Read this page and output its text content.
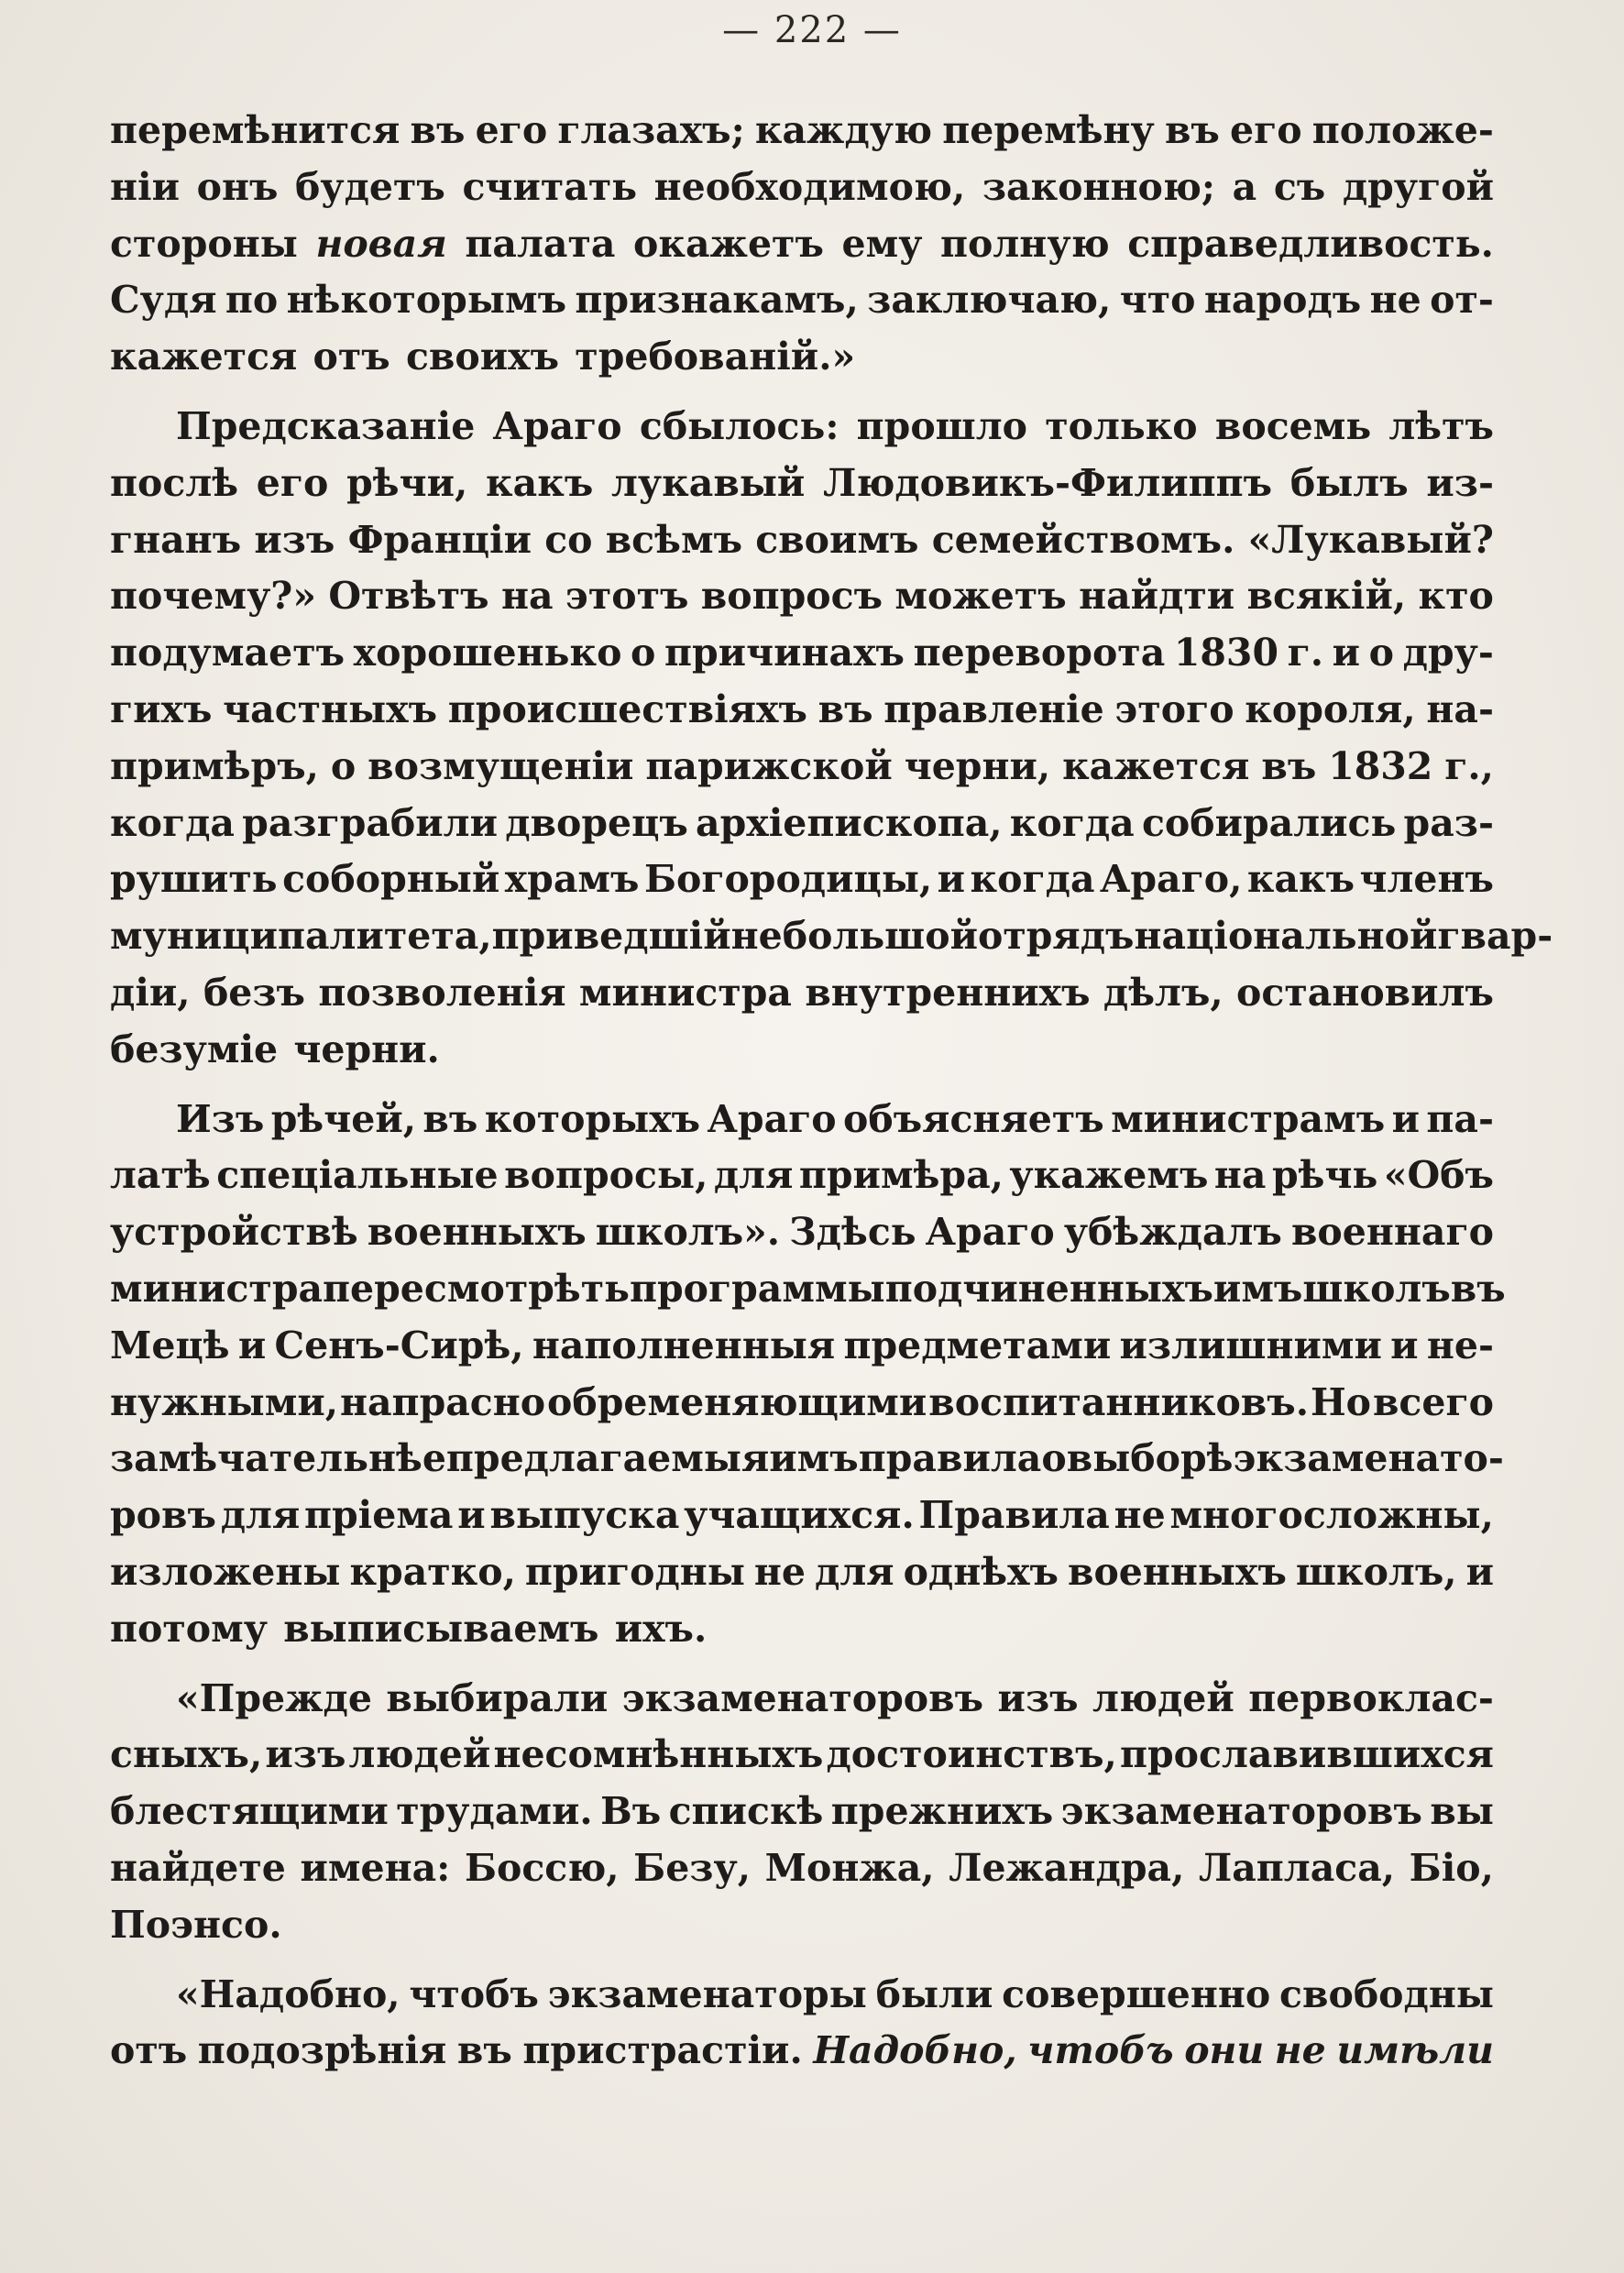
— 222 —
перемѣнится въ его глазахъ; каждую перемѣну въ его положе-
ніи онъ будетъ считать необходимою, законною; а съ другой
стороны новая палата окажетъ ему полную справедливость.
Судя по нѣкоторымъ признакамъ, заключаю, что народъ не от-
кажется отъ своихъ требованій.»
Предсказаніе Араго сбылось: прошло только восемь лѣтъ
послѣ его рѣчи, какъ лукавый Людовикъ-Филиппъ былъ из-
гнанъ изъ Франціи со всѣмъ своимъ семействомъ. «Лукавый?
почему?» Отвѣтъ на этотъ вопросъ можетъ найдти всякій, кто
подумаетъ хорошенько о причинахъ переворота 1830 г. и о дру-
гихъ частныхъ происшествіяхъ въ правленіе этого короля, на-
примѣръ, о возмущеніи парижской черни, кажется въ 1832 г.,
когда разграбили дворецъ архіепископа, когда собирались раз-
рушить соборный храмъ Богородицы, и когда Араго, какъ членъ
муниципалитета, приведшій небольшой отрядъ національной гвар-
діи, безъ позволенія министра внутреннихъ дѣлъ, остановилъ
безуміе черни.
Изъ рѣчей, въ которыхъ Араго объясняетъ министрамъ и па-
латѣ спеціальные вопросы, для примѣра, укажемъ на рѣчь «Объ
устройствѣ военныхъ школъ». Здѣсь Араго убѣждалъ военнаго
министра пересмотрѣть программы подчиненныхъ имъ школъ въ
Мецѣ и Сенъ-Сирѣ, наполненныя предметами излишними и не-
нужными, напрасно обременяющими воспитанниковъ. Но всего
замѣчательнѣе предлагаемыя имъ правила о выборѣ экзаменато-
ровъ для пріема и выпуска учащихся. Правила не многосложны,
изложены кратко, пригодны не для однѣхъ военныхъ школъ, и
потому выписываемъ ихъ.
«Прежде выбирали экзаменаторовъ изъ людей первоклас-
сныхъ, изъ людей несомнѣнныхъ достоинствъ, прославившихся
блестящими трудами. Въ спискѣ прежнихъ экзаменаторовъ вы
найдете имена: Боссю, Безу, Монжа, Лежандра, Лапласа, Біо,
Поэнсо.
«Надобно, чтобъ экзаменаторы были совершенно свободны
отъ подозрѣнія въ пристрастіи. Надобно, чтобъ они не имѣли
